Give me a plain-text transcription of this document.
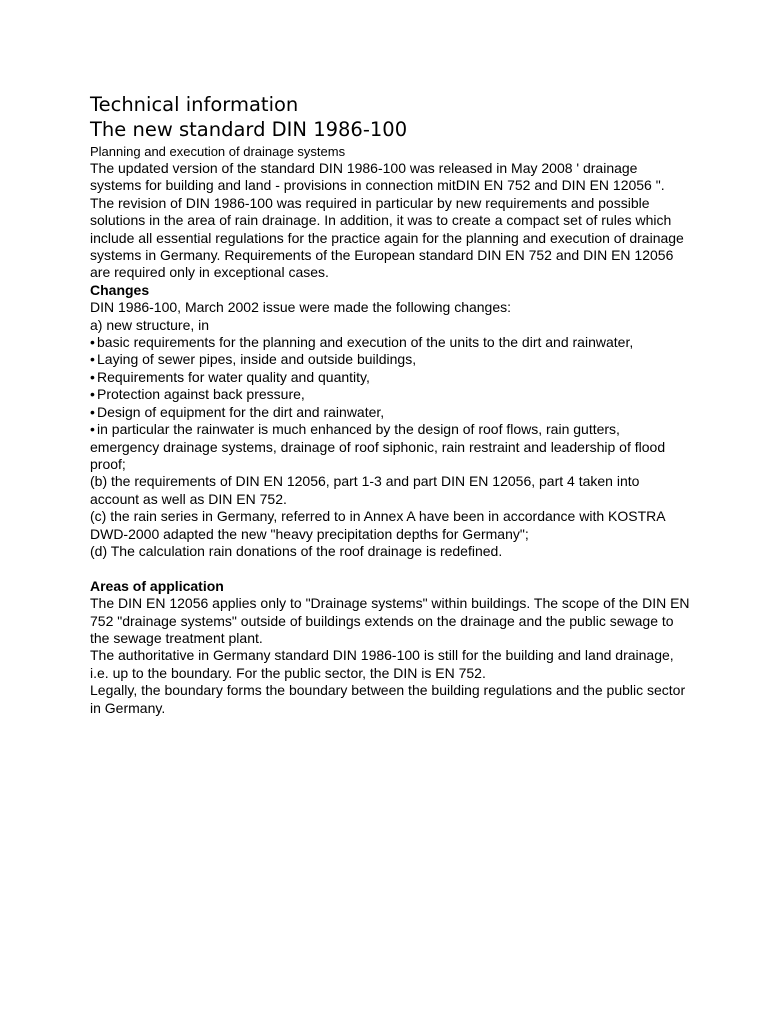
Technical information
The new standard DIN 1986-100

Planning and execution of drainage systems

The updated version of the standard DIN 1986-100 was released in May 2008 ' drainage systems for building and land - provisions in connection mitDIN EN 752 and DIN EN 12056 ". The revision of DIN 1986-100 was required in particular by new requirements and possible solutions in the area of rain drainage. In addition, it was to create a compact set of rules which include all essential regulations for the practice again for the planning and execution of drainage systems in Germany. Requirements of the European standard DIN EN 752 and DIN EN 12056 are required only in exceptional cases.

Changes

DIN 1986-100, March 2002 issue were made the following changes:

a) new structure, in

• basic requirements for the planning and execution of the units to the dirt and rainwater,
• Laying of sewer pipes, inside and outside buildings,
• Requirements for water quality and quantity,
• Protection against back pressure,
• Design of equipment for the dirt and rainwater,
• in particular the rainwater is much enhanced by the design of roof flows, rain gutters, emergency drainage systems, drainage of roof siphonic, rain restraint and leadership of flood proof;

(b) the requirements of DIN EN 12056, part 1-3 and part DIN EN 12056, part 4 taken into account as well as DIN EN 752.

(c) the rain series in Germany, referred to in Annex A have been in accordance with KOSTRA DWD-2000 adapted the new "heavy precipitation depths for Germany";

(d) The calculation rain donations of the roof drainage is redefined.

Areas of application

The DIN EN 12056 applies only to "Drainage systems" within buildings. The scope of the DIN EN 752 "drainage systems" outside of buildings extends on the drainage and the public sewage to the sewage treatment plant.

The authoritative in Germany standard DIN 1986-100 is still for the building and land drainage, i.e. up to the boundary. For the public sector, the DIN is EN 752.

Legally, the boundary forms the boundary between the building regulations and the public sector in Germany.
